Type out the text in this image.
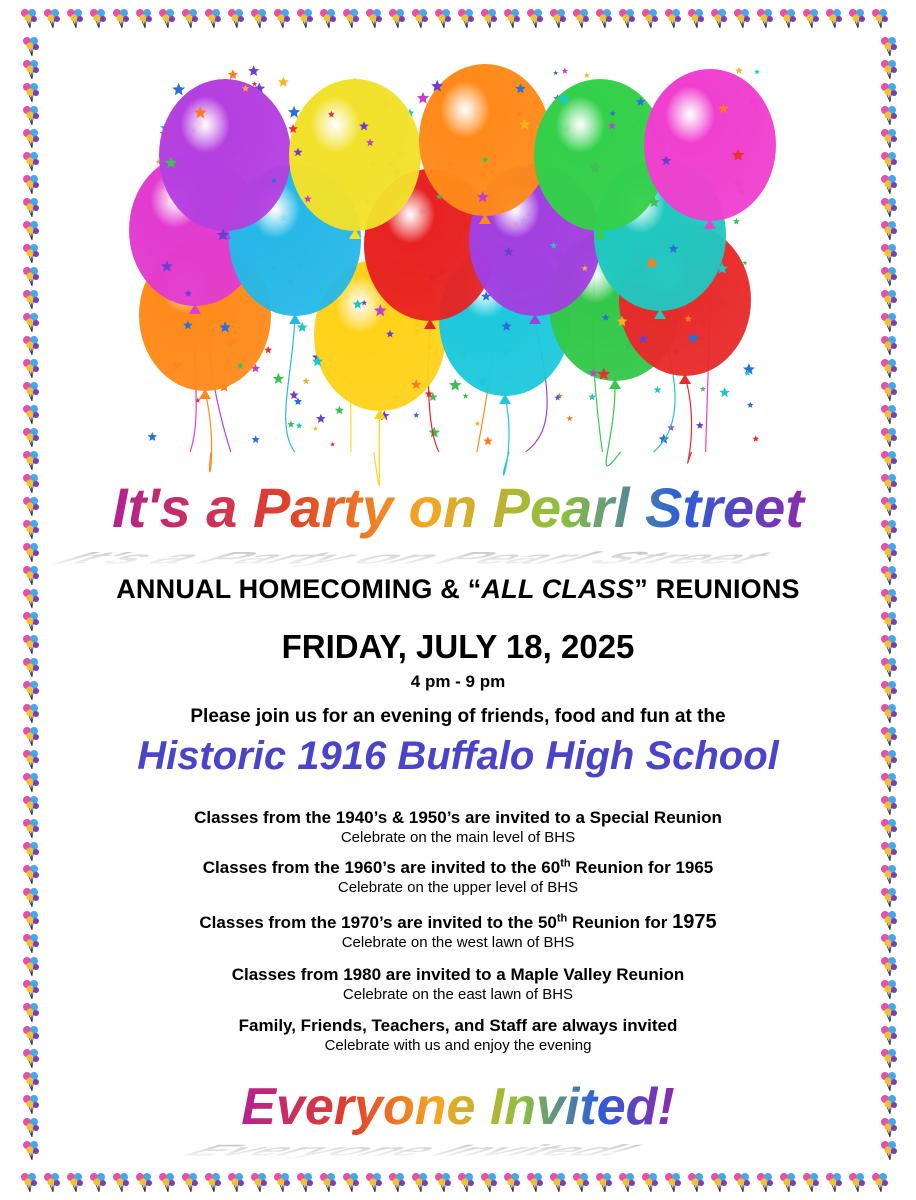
It's a Party on Pearl Street
It's a Party on Pearl Street
ANNUAL HOMECOMING & “ALL CLASS” REUNIONS
FRIDAY, JULY 18, 2025
4 pm - 9 pm
Please join us for an evening of friends, food and fun at the
Historic 1916 Buffalo High School
Classes from the 1940’s & 1950’s are invited to a Special Reunion
Celebrate on the main level of BHS
Classes from the 1960’s are invited to the 60th Reunion for 1965
Celebrate on the upper level of BHS
Classes from the 1970’s are invited to the 50th Reunion for 1975
Celebrate on the west lawn of BHS
Classes from 1980 are invited to a Maple Valley Reunion
Celebrate on the east lawn of BHS
Family, Friends, Teachers, and Staff are always invited
Celebrate with us and enjoy the evening
Everyone Invited!
Everyone Invited!
